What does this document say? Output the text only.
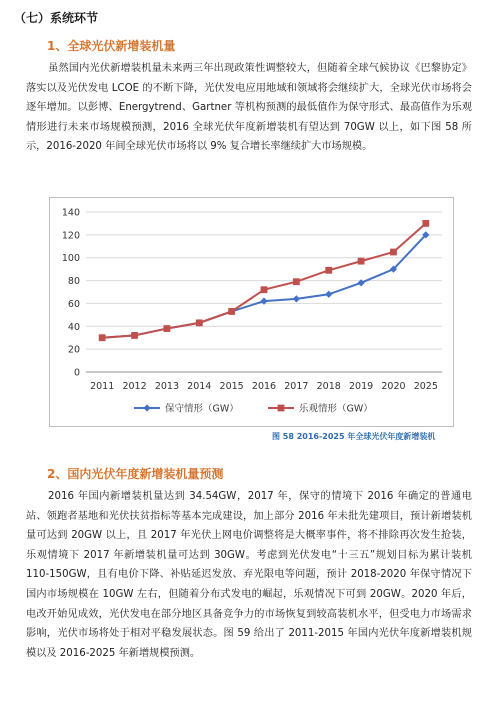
（七）系统环节
1、全球光伏新增装机量
虽然国内光伏新增装机量未来两三年出现政策性调整较大，但随着全球气候协议《巴黎协定》落实以及光伏发电 LCOE 的不断下降，光伏发电应用地域和领域将会继续扩大，全球光伏市场将会逐年增加。以彭博、Energytrend、Gartner 等机构预测的最低值作为保守形式、最高值作为乐观情形进行未来市场规模预测，2016 全球光伏年度新增装机有望达到 70GW 以上，如下图 58 所示，2016-2020 年间全球光伏市场将以 9% 复合增长率继续扩大市场规模。
0
20
40
60
80
100
120
140
2011 2012 2013 2014 2015 2016 2017 2018 2019 2020 2025
保守情形（GW）	乐观情形（GW）
图 58 2016-2025 年全球光伏年度新增装机
2、国内光伏年度新增装机量预测
2016 年国内新增装机量达到 34.54GW，2017 年，保守的情境下 2016 年确定的普通电站、领跑者基地和光伏扶贫指标等基本完成建设，加上部分 2016 年未批先建项目，预计新增装机量可达到 20GW 以上，且 2017 年光伏上网电价调整将是大概率事件，将不排除再次发生抢装，乐观情境下 2017 年新增装机量可达到 30GW。考虑到光伏发电“十三五”规划目标为累计装机 110-150GW，且有电价下降、补贴延迟发放、弃光限电等问题，预计 2018-2020 年保守情况下国内市场规模在 10GW 左右，但随着分布式发电的崛起，乐观情况下可到 20GW。2020 年后，电改开始见成效，光伏发电在部分地区具备竞争力的市场恢复到较高装机水平，但受电力市场需求影响，光伏市场将处于相对平稳发展状态。图 59 给出了 2011-2015 年国内光伏年度新增装机规模以及 2016-2025 年新增规模预测。
